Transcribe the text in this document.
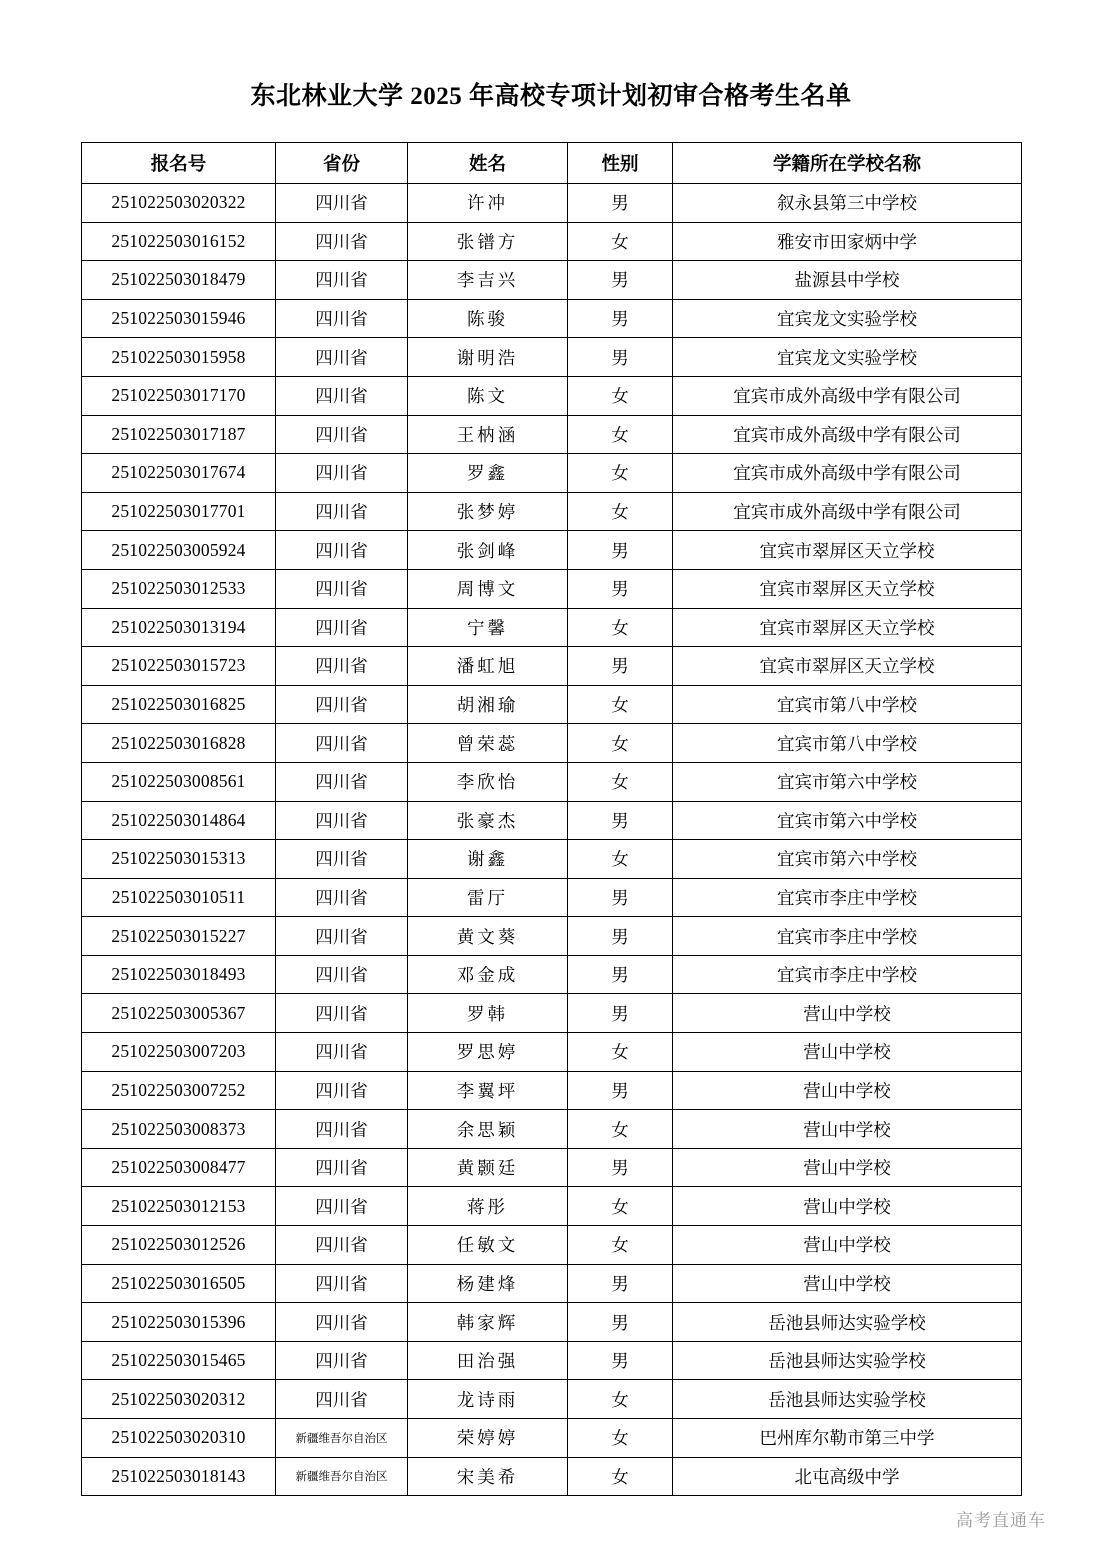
东北林业大学 2025 年高校专项计划初审合格考生名单
报名号	省份	姓名	性别	学籍所在学校名称
251022503020322	四川省	许冲	男	叙永县第三中学校
251022503016152	四川省	张镨方	女	雅安市田家炳中学
251022503018479	四川省	李吉兴	男	盐源县中学校
251022503015946	四川省	陈骏	男	宜宾龙文实验学校
251022503015958	四川省	谢明浩	男	宜宾龙文实验学校
251022503017170	四川省	陈文	女	宜宾市成外高级中学有限公司
251022503017187	四川省	王枘涵	女	宜宾市成外高级中学有限公司
251022503017674	四川省	罗鑫	女	宜宾市成外高级中学有限公司
251022503017701	四川省	张梦婷	女	宜宾市成外高级中学有限公司
251022503005924	四川省	张剑峰	男	宜宾市翠屏区天立学校
251022503012533	四川省	周博文	男	宜宾市翠屏区天立学校
251022503013194	四川省	宁馨	女	宜宾市翠屏区天立学校
251022503015723	四川省	潘虹旭	男	宜宾市翠屏区天立学校
251022503016825	四川省	胡湘瑜	女	宜宾市第八中学校
251022503016828	四川省	曾荣蕊	女	宜宾市第八中学校
251022503008561	四川省	李欣怡	女	宜宾市第六中学校
251022503014864	四川省	张豪杰	男	宜宾市第六中学校
251022503015313	四川省	谢鑫	女	宜宾市第六中学校
251022503010511	四川省	雷厅	男	宜宾市李庄中学校
251022503015227	四川省	黄文葵	男	宜宾市李庄中学校
251022503018493	四川省	邓金成	男	宜宾市李庄中学校
251022503005367	四川省	罗韩	男	营山中学校
251022503007203	四川省	罗思婷	女	营山中学校
251022503007252	四川省	李翼坪	男	营山中学校
251022503008373	四川省	余思颖	女	营山中学校
251022503008477	四川省	黄颢廷	男	营山中学校
251022503012153	四川省	蒋彤	女	营山中学校
251022503012526	四川省	任敏文	女	营山中学校
251022503016505	四川省	杨建烽	男	营山中学校
251022503015396	四川省	韩家辉	男	岳池县师达实验学校
251022503015465	四川省	田治强	男	岳池县师达实验学校
251022503020312	四川省	龙诗雨	女	岳池县师达实验学校
251022503020310	新疆维吾尔自治区	荣婷婷	女	巴州库尔勒市第三中学
251022503018143	新疆维吾尔自治区	宋美希	女	北屯高级中学
高考直通车
